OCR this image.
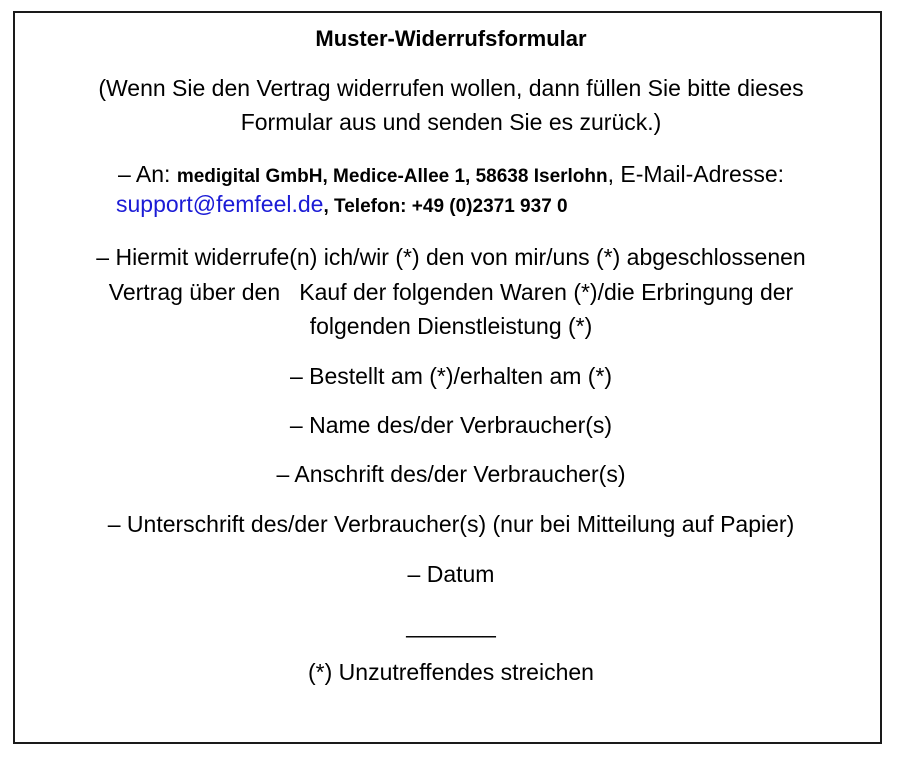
Muster-Widerrufsformular
(Wenn Sie den Vertrag widerrufen wollen, dann füllen Sie bitte dieses
Formular aus und senden Sie es zurück.)
– An: medigital GmbH, Medice-Allee 1, 58638 Iserlohn, E-Mail-Adresse:
support@femfeel.de, Telefon: +49 (0)2371 937 0
– Hiermit widerrufe(n) ich/wir (*) den von mir/uns (*) abgeschlossenen
Vertrag über den   Kauf der folgenden Waren (*)/die Erbringung der
folgenden Dienstleistung (*)
– Bestellt am (*)/erhalten am (*)
– Name des/der Verbraucher(s)
– Anschrift des/der Verbraucher(s)
– Unterschrift des/der Verbraucher(s) (nur bei Mitteilung auf Papier)
– Datum
_______
(*) Unzutreffendes streichen
